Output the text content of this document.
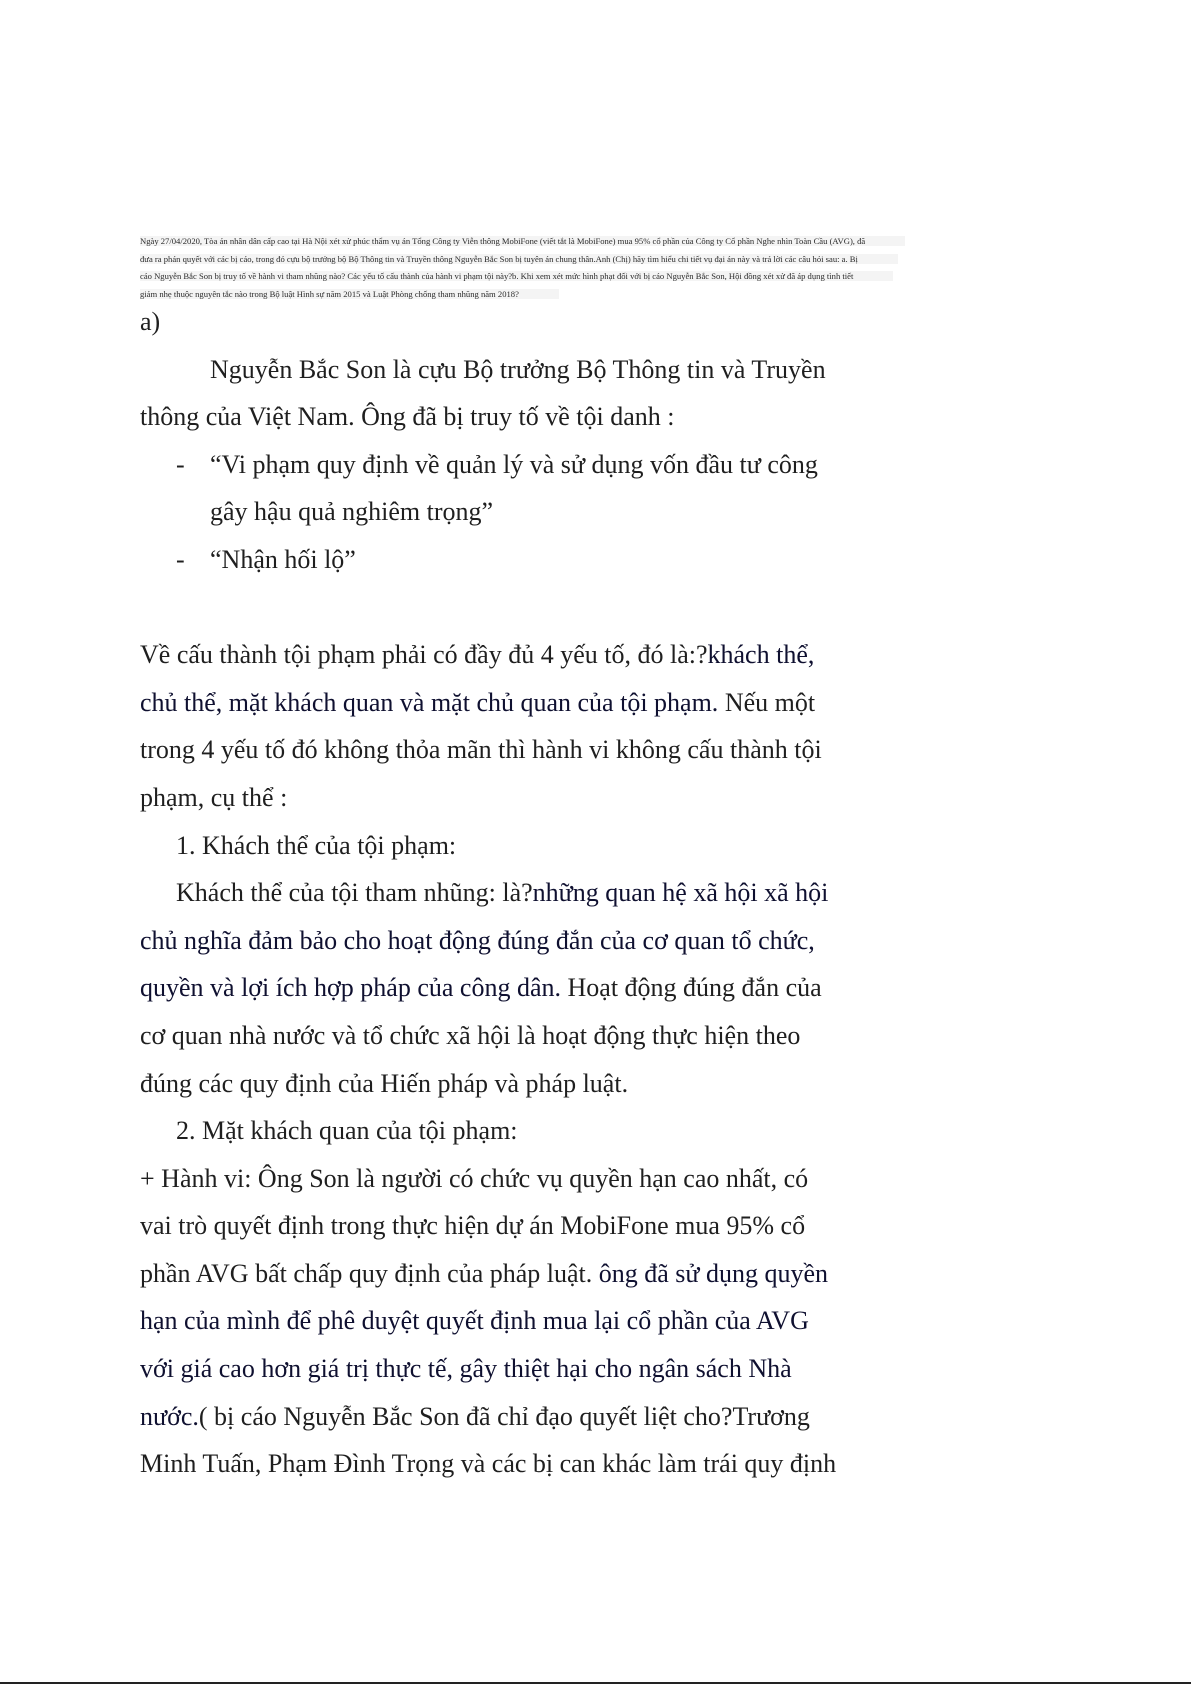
Ngày 27/04/2020, Tòa án nhân dân cấp cao tại Hà Nội xét xử phúc thẩm vụ án Tổng Công ty Viễn thông MobiFone (viết tắt là MobiFone) mua 95% cổ phần của Công ty Cổ phần Nghe nhìn Toàn Cầu (AVG), đã
đưa ra phán quyết với các bị cáo, trong đó cựu bộ trưởng bộ Bộ Thông tin và Truyền thông Nguyễn Bắc Son bị tuyên án chung thân.Anh (Chị) hãy tìm hiểu chi tiết vụ đại án này và trả lời các câu hỏi sau: a. Bị
cáo Nguyễn Bắc Son bị truy tố về hành vi tham nhũng nào? Các yếu tố cấu thành của hành vi phạm tội này?b. Khi xem xét mức hình phạt đối với bị cáo Nguyễn Bắc Son, Hội đồng xét xử đã áp dụng tình tiết
giảm nhẹ thuộc nguyên tắc nào trong Bộ luật Hình sự năm 2015 và Luật Phòng chống tham nhũng năm 2018?
a)
Nguyễn Bắc Son là cựu Bộ trưởng Bộ Thông tin và Truyền
thông của Việt Nam. Ông đã bị truy tố về tội danh :
- “Vi phạm quy định về quản lý và sử dụng vốn đầu tư công
gây hậu quả nghiêm trọng”
- “Nhận hối lộ”
Về cấu thành tội phạm phải có đầy đủ 4 yếu tố, đó là:?khách thể,
chủ thể, mặt khách quan và mặt chủ quan của tội phạm. Nếu một
trong 4 yếu tố đó không thỏa mãn thì hành vi không cấu thành tội
phạm, cụ thể :
1. Khách thể của tội phạm:
Khách thể của tội tham nhũng: là?những quan hệ xã hội xã hội
chủ nghĩa đảm bảo cho hoạt động đúng đắn của cơ quan tổ chức,
quyền và lợi ích hợp pháp của công dân. Hoạt động đúng đắn của
cơ quan nhà nước và tổ chức xã hội là hoạt động thực hiện theo
đúng các quy định của Hiến pháp và pháp luật.
2. Mặt khách quan của tội phạm:
+ Hành vi: Ông Son là người có chức vụ quyền hạn cao nhất, có
vai trò quyết định trong thực hiện dự án MobiFone mua 95% cổ
phần AVG bất chấp quy định của pháp luật. ông đã sử dụng quyền
hạn của mình để phê duyệt quyết định mua lại cổ phần của AVG
với giá cao hơn giá trị thực tế, gây thiệt hại cho ngân sách Nhà
nước.( bị cáo Nguyễn Bắc Son đã chỉ đạo quyết liệt cho?Trương
Minh Tuấn, Phạm Đình Trọng và các bị can khác làm trái quy định
